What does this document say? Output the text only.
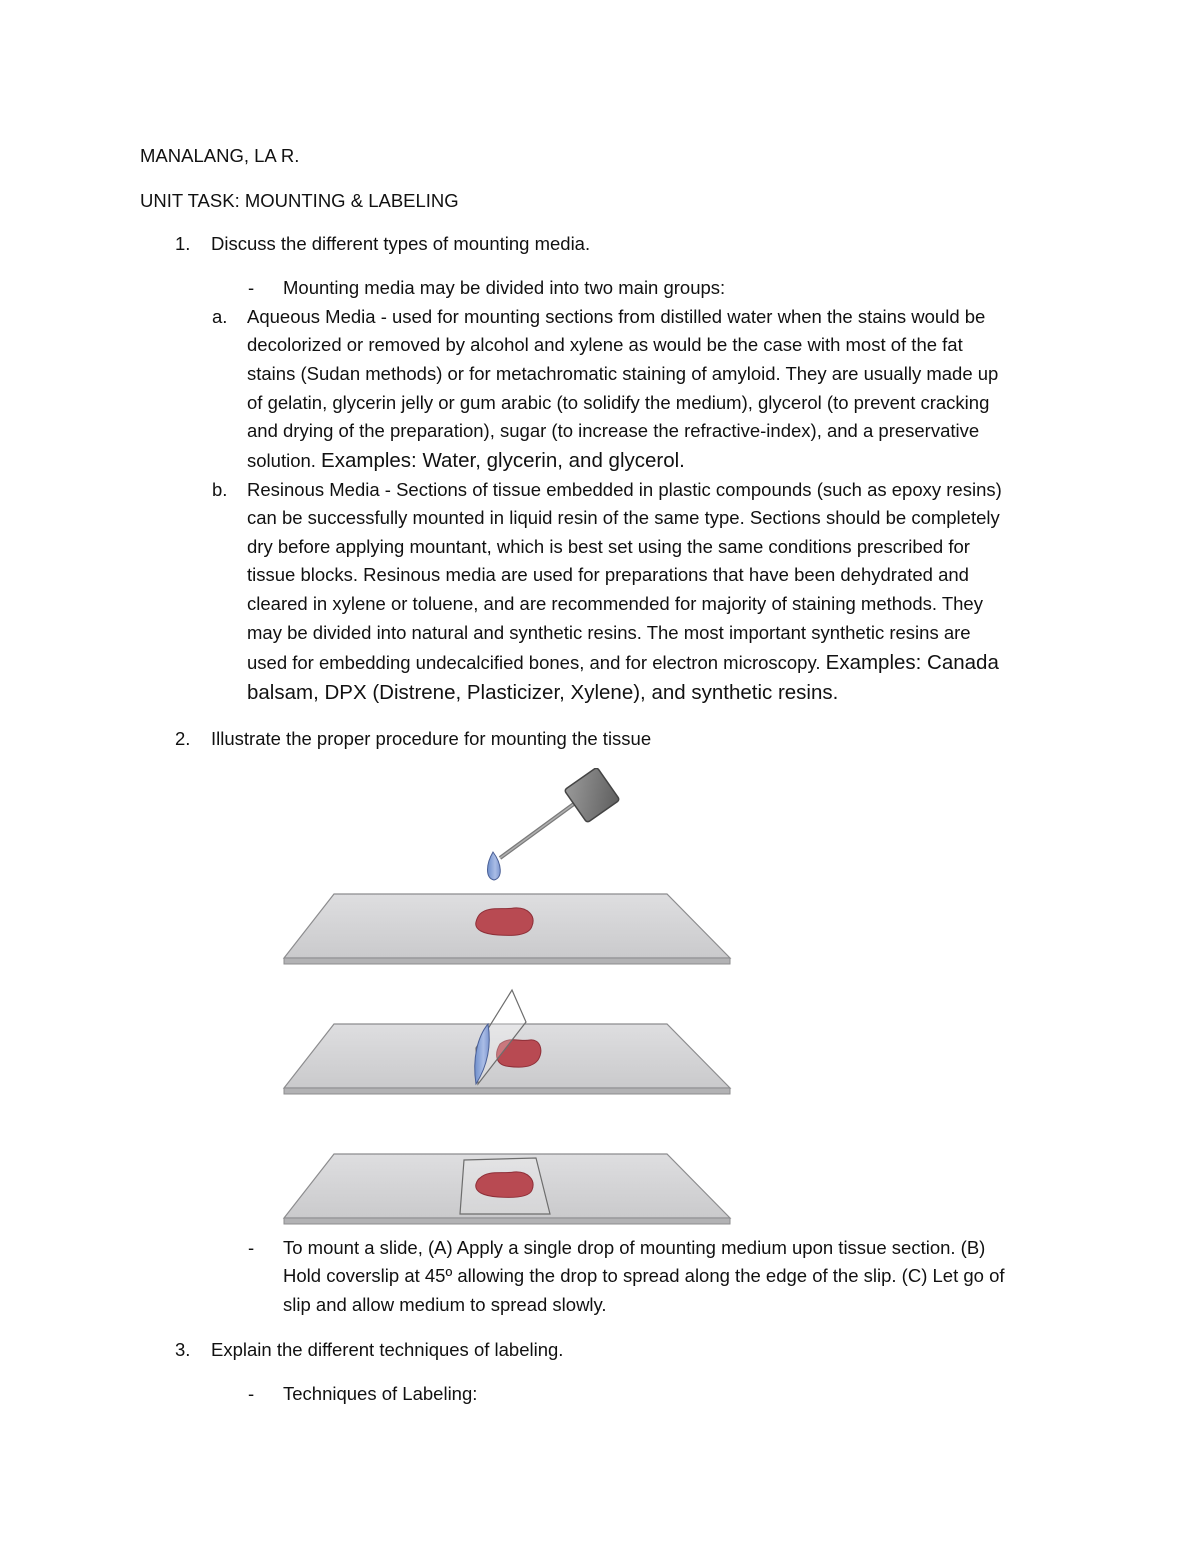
MANALANG, LA R.
UNIT TASK: MOUNTING & LABELING
1. Discuss the different types of mounting media.
- Mounting media may be divided into two main groups:
a. Aqueous Media - used for mounting sections from distilled water when the stains would be
decolorized or removed by alcohol and xylene as would be the case with most of the fat
stains (Sudan methods) or for metachromatic staining of amyloid. They are usually made up
of gelatin, glycerin jelly or gum arabic (to solidify the medium), glycerol (to prevent cracking
and drying of the preparation), sugar (to increase the refractive-index), and a preservative
solution. Examples: Water, glycerin, and glycerol.
b. Resinous Media - Sections of tissue embedded in plastic compounds (such as epoxy resins)
can be successfully mounted in liquid resin of the same type. Sections should be completely
dry before applying mountant, which is best set using the same conditions prescribed for
tissue blocks. Resinous media are used for preparations that have been dehydrated and
cleared in xylene or toluene, and are recommended for majority of staining methods. They
may be divided into natural and synthetic resins. The most important synthetic resins are
used for embedding undecalcified bones, and for electron microscopy. Examples: Canada
balsam, DPX (Distrene, Plasticizer, Xylene), and synthetic resins.
2. Illustrate the proper procedure for mounting the tissue
- To mount a slide, (A) Apply a single drop of mounting medium upon tissue section. (B)
Hold coverslip at 45º allowing the drop to spread along the edge of the slip. (C) Let go of
slip and allow medium to spread slowly.
3. Explain the different techniques of labeling.
- Techniques of Labeling:
